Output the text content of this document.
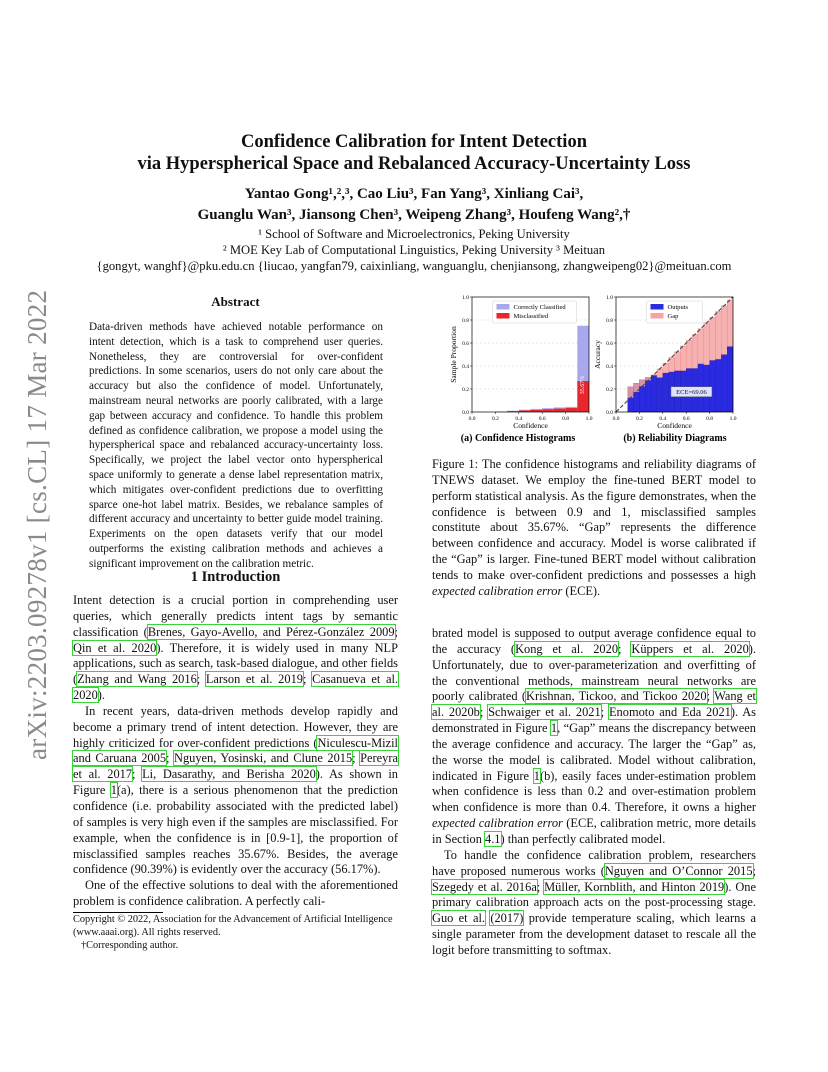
Confidence Calibration for Intent Detection
via Hyperspherical Space and Rebalanced Accuracy-Uncertainty Loss
Yantao Gong¹,²,³, Cao Liu³, Fan Yang³, Xinliang Cai³,
Guanglu Wan³, Jiansong Chen³, Weipeng Zhang³, Houfeng Wang²,†
¹ School of Software and Microelectronics, Peking University
² MOE Key Lab of Computational Linguistics, Peking University ³ Meituan
{gongyt, wanghf}@pku.edu.cn {liucao, yangfan79, caixinliang, wanguanglu, chenjiansong, zhangweipeng02}@meituan.com
arXiv:2203.09278v1 [cs.CL] 17 Mar 2022	Abstract
Data-driven methods have achieved notable performance on intent detection, which is a task to comprehend user queries. Nonetheless, they are controversial for over-confident predictions. In some scenarios, users do not only care about the accuracy but also the confidence of model. Unfortunately, mainstream neural networks are poorly calibrated, with a large gap between accuracy and confidence. To handle this problem defined as confidence calibration, we propose a model using the hyperspherical space and rebalanced accuracy-uncertainty loss. Specifically, we project the label vector onto hyperspherical space uniformly to generate a dense label representation matrix, which mitigates over-confident predictions due to overfitting sparce one-hot label matrix. Besides, we rebalance samples of different accuracy and uncertainty to better guide model training. Experiments on the open datasets verify that our model outperforms the existing calibration methods and achieves a significant improvement on the calibration metric.
1 Introduction

Intent detection is a crucial portion in comprehending user queries, which generally predicts intent tags by semantic classification (Brenes, Gayo-Avello, and Pérez-González 2009; Qin et al. 2020). Therefore, it is widely used in many NLP applications, such as search, task-based dialogue, and other fields (Zhang and Wang 2016; Larson et al. 2019; Casanueva et al. 2020).

In recent years, data-driven methods develop rapidly and become a primary trend of intent detection. However, they are highly criticized for over-confident predictions (Niculescu-Mizil and Caruana 2005; Nguyen, Yosinski, and Clune 2015; Pereyra et al. 2017; Li, Dasarathy, and Berisha 2020). As shown in Figure 1(a), there is a serious phenomenon that the prediction confidence (i.e. probability associated with the predicted label) of samples is very high even if the samples are misclassified. For example, when the confidence is in [0.9-1], the proportion of misclassified samples reaches 35.67%. Besides, the average confidence (90.39%) is evidently over the accuracy (56.17%).

One of the effective solutions to deal with the aforementioned problem is confidence calibration. A perfectly cali-

Copyright © 2022, Association for the Advancement of Artificial Intelligence (www.aaai.org). All rights reserved.
†Corresponding author.
35.67%
0.0	0.2	0.4	0.6	0.8	1.0
0.0
0.2
0.4
0.6
0.8
1.0
Confidence
Sample Proportion
Correctly Classified
Misclassified
ECE=69.06
0.0	0.2	0.4	0.6	0.8	1.0
0.0
0.2
0.4
0.6
0.8
1.0
Confidence
Accuracy
Outputs
Gap
(a) Confidence Histograms	(b) Reliability Diagrams
Figure 1: The confidence histograms and reliability diagrams of TNEWS dataset. We employ the fine-tuned BERT model to perform statistical analysis. As the figure demonstrates, when the confidence is between 0.9 and 1, misclassified samples constitute about 35.67%. “Gap” represents the difference between confidence and accuracy. Model is worse calibrated if the “Gap” is larger. Fine-tuned BERT model without calibration tends to make over-confident predictions and possesses a high expected calibration error (ECE).

brated model is supposed to output average confidence equal to the accuracy (Kong et al. 2020; Küppers et al. 2020). Unfortunately, due to over-parameterization and overfitting of the conventional methods, mainstream neural networks are poorly calibrated (Krishnan, Tickoo, and Tickoo 2020; Wang et al. 2020b; Schwaiger et al. 2021; Enomoto and Eda 2021). As demonstrated in Figure 1, “Gap” means the discrepancy between the average confidence and accuracy. The larger the “Gap” as, the worse the model is calibrated. Model without calibration, indicated in Figure 1(b), easily faces under-estimation problem when confidence is less than 0.2 and over-estimation problem when confidence is more than 0.4. Therefore, it owns a higher expected calibration error (ECE, calibration metric, more details in Section 4.1) than perfectly calibrated model.

To handle the confidence calibration problem, researchers have proposed numerous works (Nguyen and O’Connor 2015; Szegedy et al. 2016a; Müller, Kornblith, and Hinton 2019). One primary calibration approach acts on the post-processing stage. Guo et al. (2017) provide temperature scaling, which learns a single parameter from the development dataset to rescale all the logit before transmitting to softmax.
